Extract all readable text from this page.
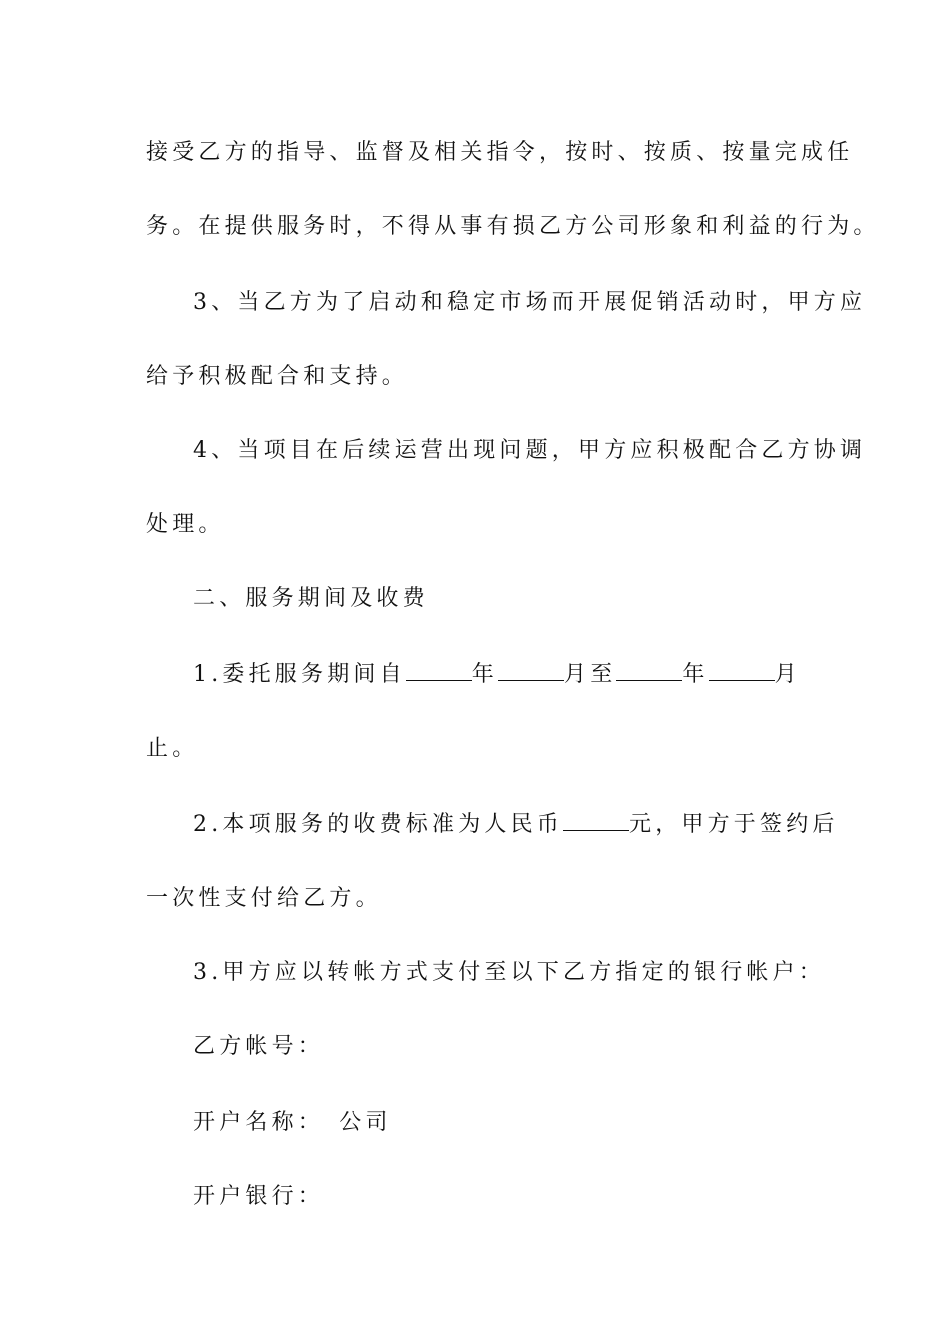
接受乙方的指导、监督及相关指令，按时、按质、按量完成任
务。在提供服务时，不得从事有损乙方公司形象和利益的行为。
3、当乙方为了启动和稳定市场而开展促销活动时，甲方应
给予积极配合和支持。
4、当项目在后续运营出现问题，甲方应积极配合乙方协调
处理。
二、服务期间及收费
1.委托服务期间自	年	月至	年	月
止。
2.本项服务的收费标准为人民币	元，甲方于签约后
一次性支付给乙方。
3.甲方应以转帐方式支付至以下乙方指定的银行帐户：
乙方帐号：
开户名称：　公司
开户银行：
